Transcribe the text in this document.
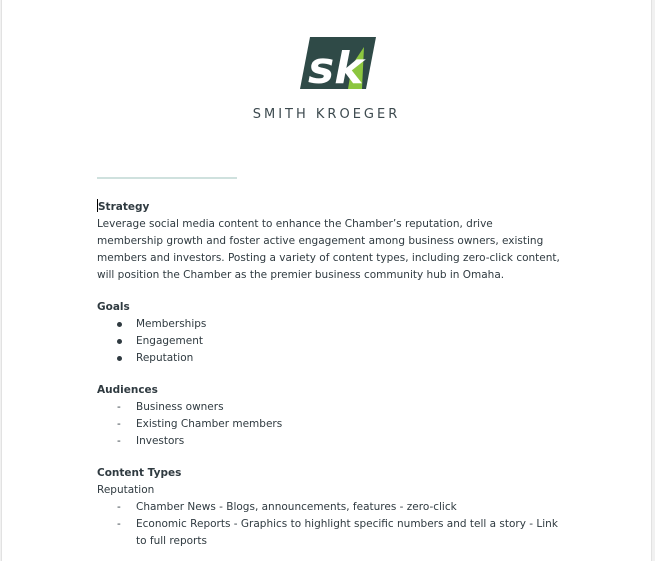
sk
SMITH KROEGER
Strategy

Leverage social media content to enhance the Chamber’s reputation, drive

membership growth and foster active engagement among business owners, existing

members and investors. Posting a variety of content types, including zero-click content,

will position the Chamber as the premier business community hub in Omaha.

Goals
Memberships
Engagement
Reputation
Audiences
-	Business owners
-	Existing Chamber members
-	Investors
Content Types
Reputation
-	Chamber News - Blogs, announcements, features - zero-click
-	Economic Reports - Graphics to highlight specific numbers and tell a story - Link
to full reports
